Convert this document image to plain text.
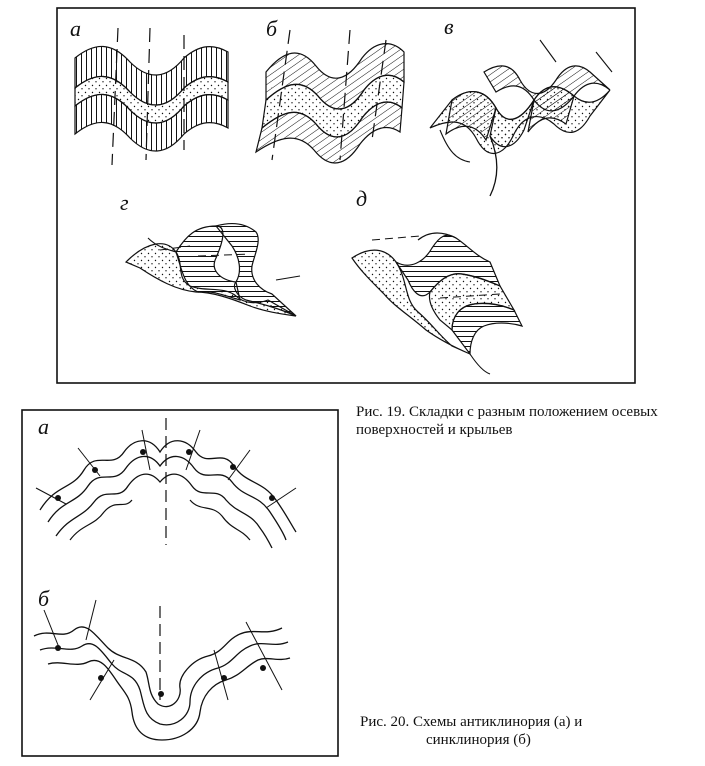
а	б	в
г	д
а
б
Рис. 19. Складки с разным положением осевых поверхностей и крыльев
Рис. 20. Схемы антиклинория (а) и
синклинория (б)
